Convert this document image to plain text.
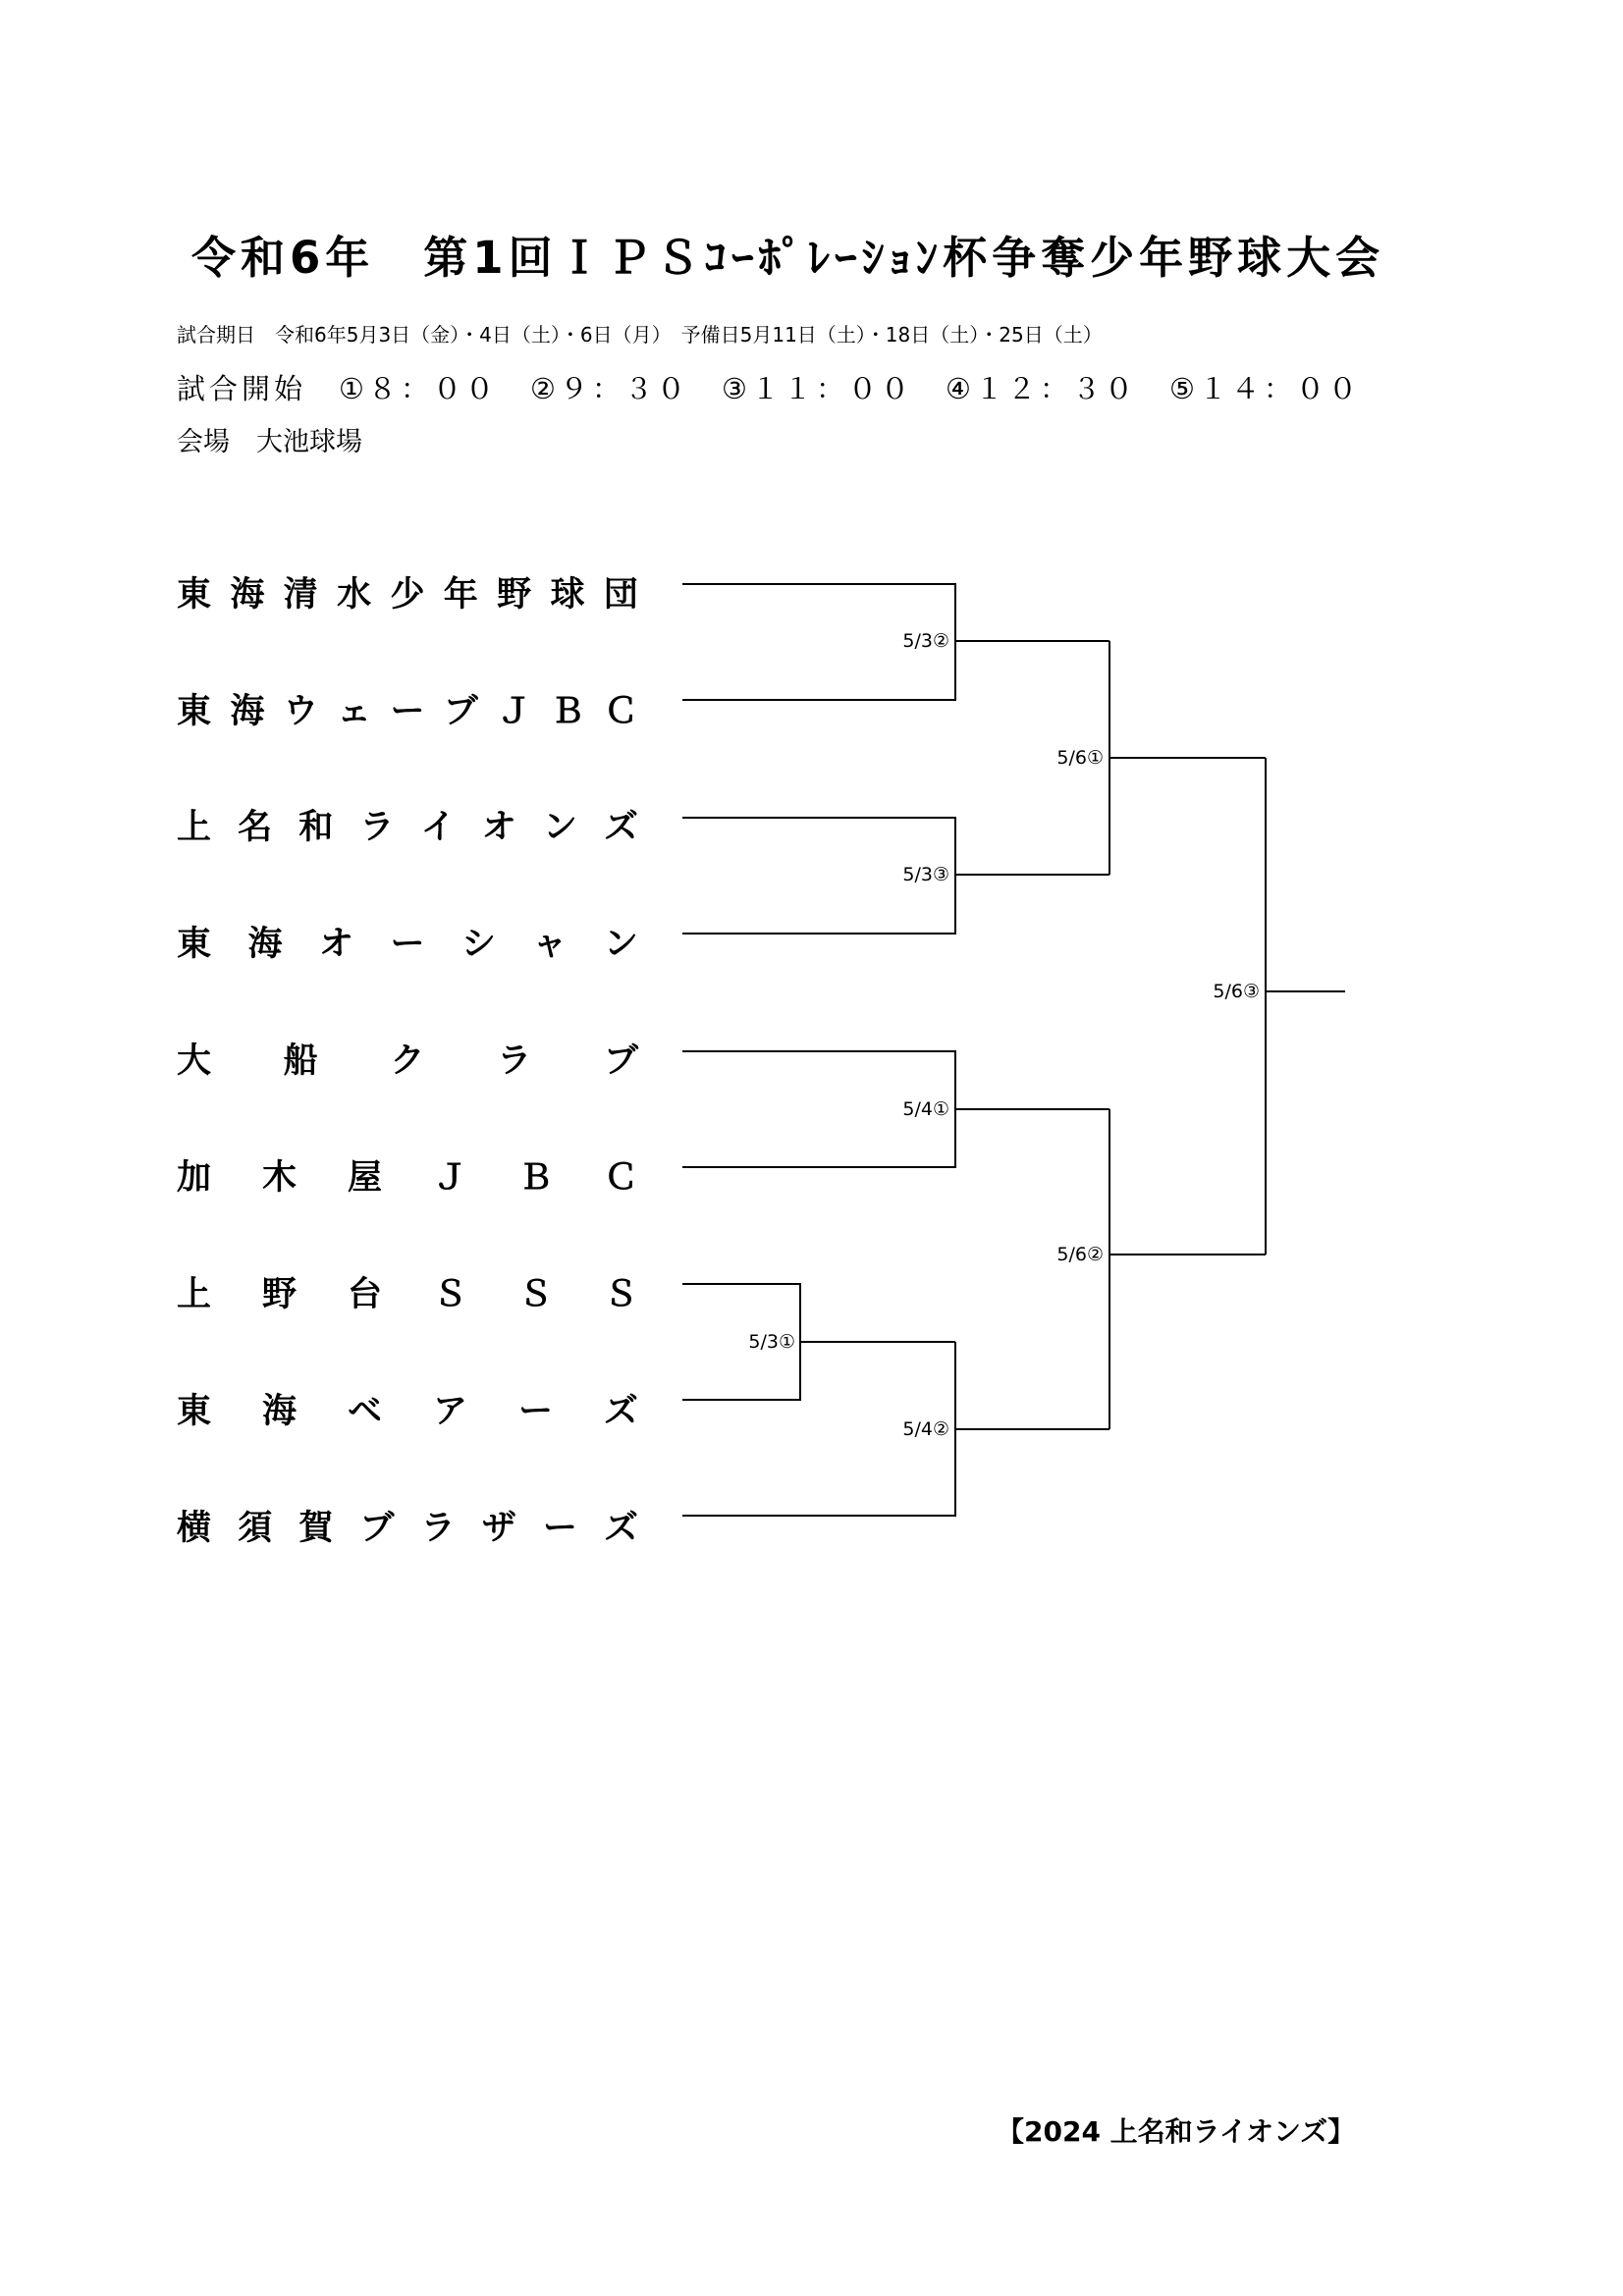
令和6年　第1回ＩＰＳｺｰﾎﾟﾚｰｼｮﾝ杯争奪少年野球大会
試合期日　令和6年5月3日（金）・4日（土）・6日（月）　予備日5月11日（土）・18日（土）・25日（土）
試合開始　①８：００　②９：３０　③１１：００　④１２：３０　⑤１４：００
会場　大池球場
東 海 清 水 少 年 野 球 団
東 海 ウ ェ ー ブ Ｊ Ｂ Ｃ
上 名 和 ラ イ オ ン ズ
東 海 オ ー シ ャ ン
大 船 ク ラ ブ
加 木 屋 Ｊ Ｂ Ｃ
上 野 台 Ｓ Ｓ Ｓ
東 海 ベ ア ー ズ
横 須 賀 ブ ラ ザ ー ズ
5/3②
5/3③
5/4①
5/3①
5/4②
5/6①
5/6②
5/6③
【2024 上名和ライオンズ】
